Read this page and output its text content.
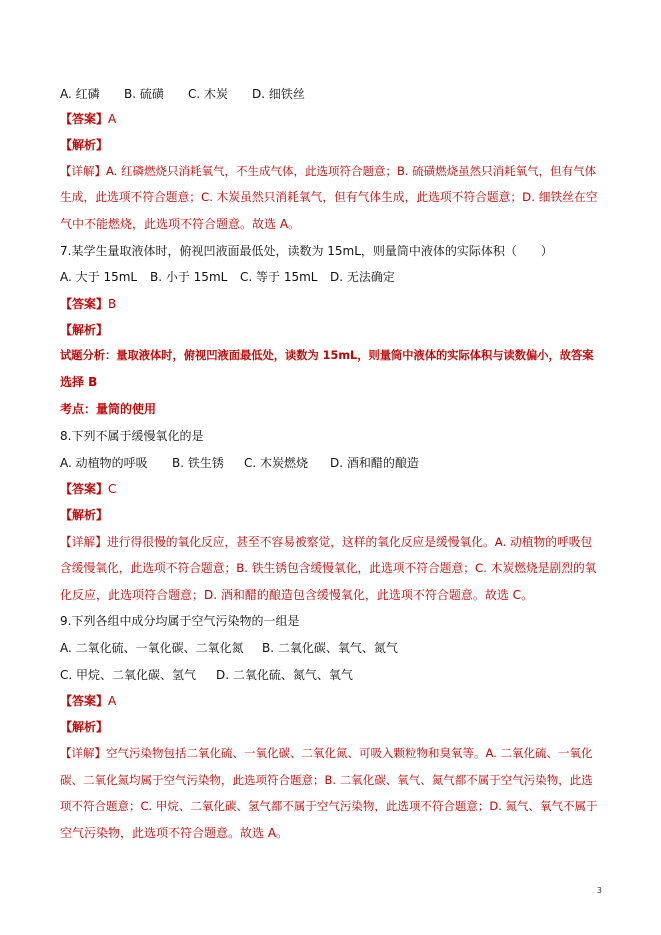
A. 红磷 B. 硫磺 C. 木炭 D. 细铁丝
【答案】A
【解析】
【详解】A. 红磷燃烧只消耗氧气，不生成气体，此选项符合题意；B. 硫磺燃烧虽然只消耗氧气，但有气体
生成，此选项不符合题意；C. 木炭虽然只消耗氧气，但有气体生成，此选项不符合题意；D. 细铁丝在空
气中不能燃烧，此选项不符合题意。故选 A。
7.某学生量取液体时，俯视凹液面最低处，读数为 15mL，则量筒中液体的实际体积（　　）
A. 大于 15mL B. 小于 15mL C. 等于 15mL D. 无法确定
【答案】B
【解析】
试题分析：量取液体时，俯视凹液面最低处，读数为 15mL，则量筒中液体的实际体积与读数偏小，故答案
选择 B
考点：量筒的使用
8.下列不属于缓慢氧化的是
A. 动植物的呼吸 B. 铁生锈 C. 木炭燃烧 D. 酒和醋的酿造
【答案】C
【解析】
【详解】进行得很慢的氧化反应，甚至不容易被察觉，这样的氧化反应是缓慢氧化。A. 动植物的呼吸包
含缓慢氧化，此选项不符合题意；B. 铁生锈包含缓慢氧化，此选项不符合题意；C. 木炭燃烧是剧烈的氧
化反应，此选项符合题意；D. 酒和醋的酿造包含缓慢氧化，此选项不符合题意。故选 C。
9.下列各组中成分均属于空气污染物的一组是
A. 二氧化硫、一氧化碳、二氧化氮 B. 二氧化碳、氧气、氮气
C. 甲烷、二氧化碳、氢气 D. 二氧化硫、氮气、氧气
【答案】A
【解析】
【详解】空气污染物包括二氧化硫、一氧化碳、二氧化氮、可吸入颗粒物和臭氧等。A. 二氧化硫、一氧化
碳、二氧化氮均属于空气污染物，此选项符合题意；B. 二氧化碳、氧气、氮气都不属于空气污染物，此选
项不符合题意；C. 甲烷、二氧化碳、氢气都不属于空气污染物，此选项不符合题意；D. 氮气、氧气不属于
空气污染物，此选项不符合题意。故选 A。
3
